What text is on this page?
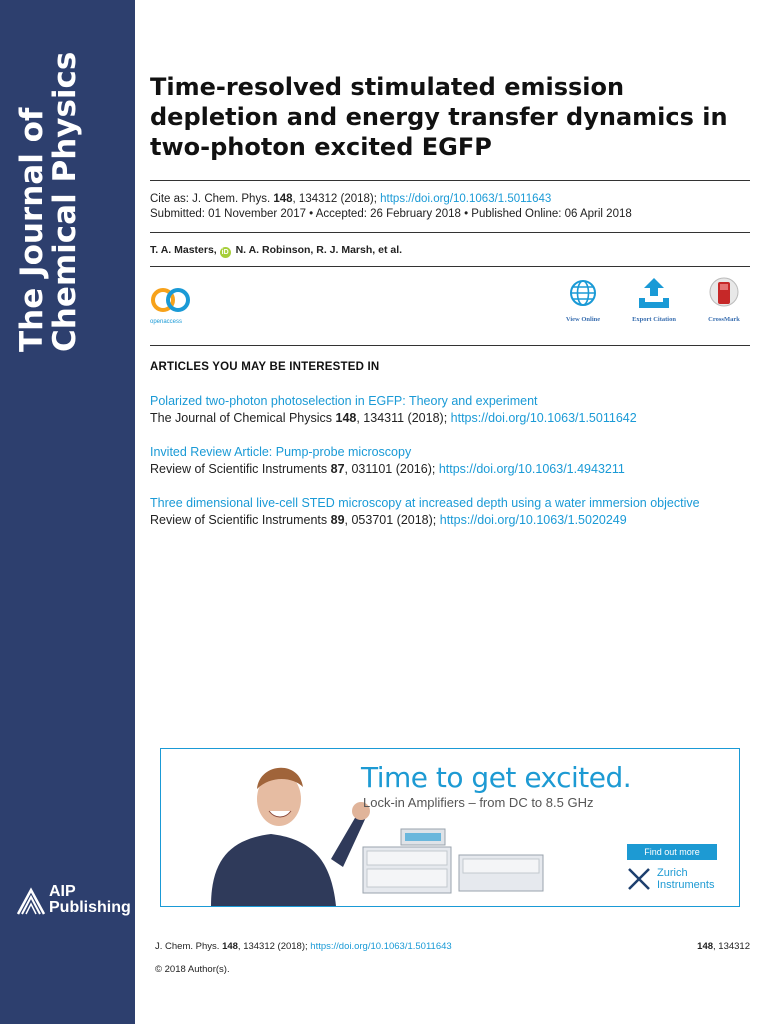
The Journal of
Chemical Physics
AIP
Publishing
Time-resolved stimulated emission depletion and energy transfer dynamics in two-photon excited EGFP
Cite as: J. Chem. Phys. 148, 134312 (2018); https://doi.org/10.1063/1.5011643
Submitted: 01 November 2017 • Accepted: 26 February 2018 • Published Online: 06 April 2018
T. A. Masters, iD N. A. Robinson, R. J. Marsh, et al.
openaccess	View Online	Export Citation	CrossMark
ARTICLES YOU MAY BE INTERESTED IN
Polarized two-photon photoselection in EGFP: Theory and experiment
The Journal of Chemical Physics 148, 134311 (2018); https://doi.org/10.1063/1.5011642
Invited Review Article: Pump-probe microscopy
Review of Scientific Instruments 87, 031101 (2016); https://doi.org/10.1063/1.4943211
Three dimensional live-cell STED microscopy at increased depth using a water immersion objective
Review of Scientific Instruments 89, 053701 (2018); https://doi.org/10.1063/1.5020249
Time to get excited.
Lock-in Amplifiers – from DC to 8.5 GHz
Find out more
Zurich
Instruments
J. Chem. Phys. 148, 134312 (2018); https://doi.org/10.1063/1.5011643	148, 134312
© 2018 Author(s).
